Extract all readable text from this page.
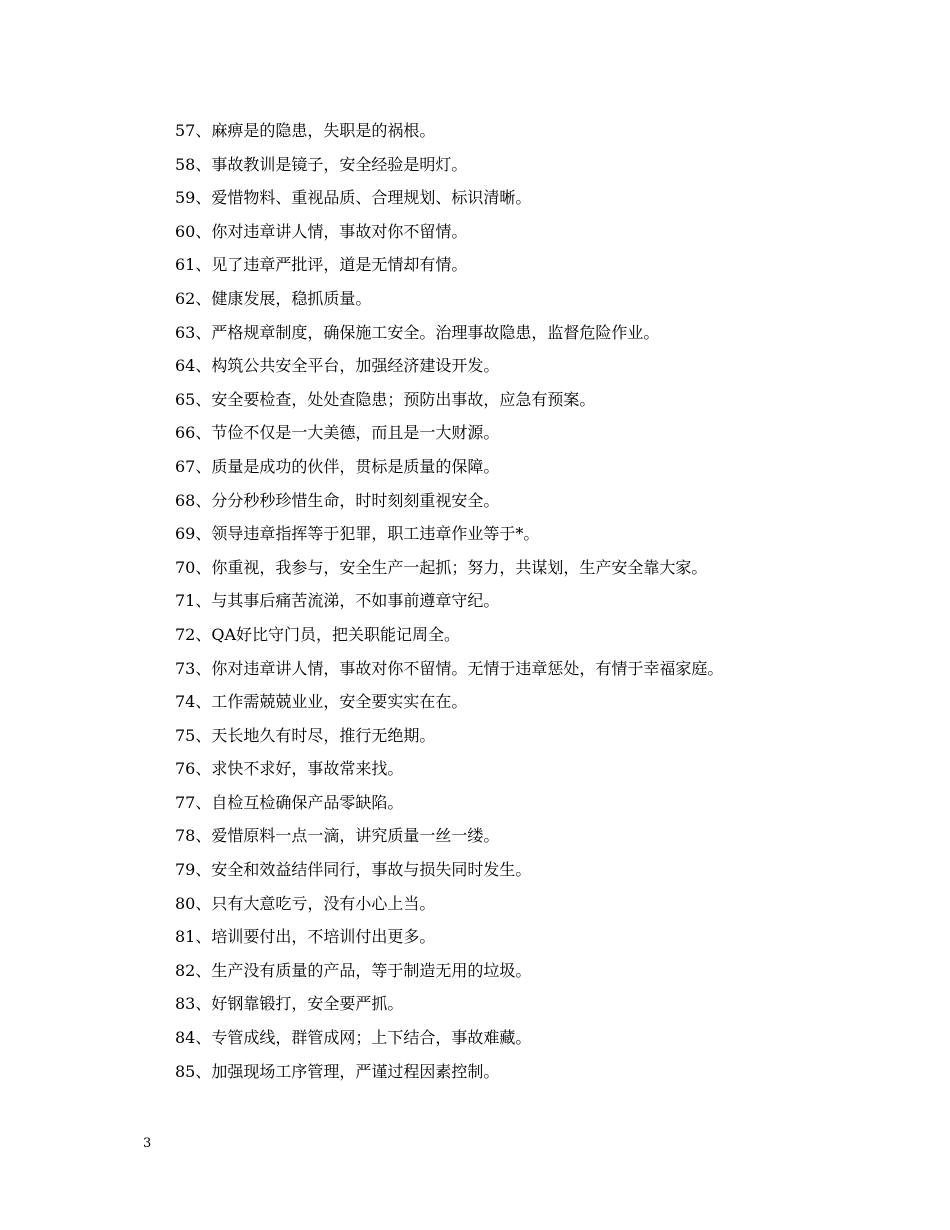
57、麻痹是的隐患，失职是的祸根。
58、事故教训是镜子，安全经验是明灯。
59、爱惜物料、重视品质、合理规划、标识清晰。
60、你对违章讲人情，事故对你不留情。
61、见了违章严批评，道是无情却有情。
62、健康发展，稳抓质量。
63、严格规章制度，确保施工安全。治理事故隐患，监督危险作业。
64、构筑公共安全平台，加强经济建设开发。
65、安全要检查，处处查隐患；预防出事故，应急有预案。
66、节俭不仅是一大美德，而且是一大财源。
67、质量是成功的伙伴，贯标是质量的保障。
68、分分秒秒珍惜生命，时时刻刻重视安全。
69、领导违章指挥等于犯罪，职工违章作业等于*。
70、你重视，我参与，安全生产一起抓；努力，共谋划，生产安全靠大家。
71、与其事后痛苦流涕，不如事前遵章守纪。
72、QA好比守门员，把关职能记周全。
73、你对违章讲人情，事故对你不留情。无情于违章惩处，有情于幸福家庭。
74、工作需兢兢业业，安全要实实在在。
75、天长地久有时尽，推行无绝期。
76、求快不求好，事故常来找。
77、自检互检确保产品零缺陷。
78、爱惜原料一点一滴，讲究质量一丝一缕。
79、安全和效益结伴同行，事故与损失同时发生。
80、只有大意吃亏，没有小心上当。
81、培训要付出，不培训付出更多。
82、生产没有质量的产品，等于制造无用的垃圾。
83、好钢靠锻打，安全要严抓。
84、专管成线，群管成网；上下结合，事故难藏。
85、加强现场工序管理，严谨过程因素控制。
3
